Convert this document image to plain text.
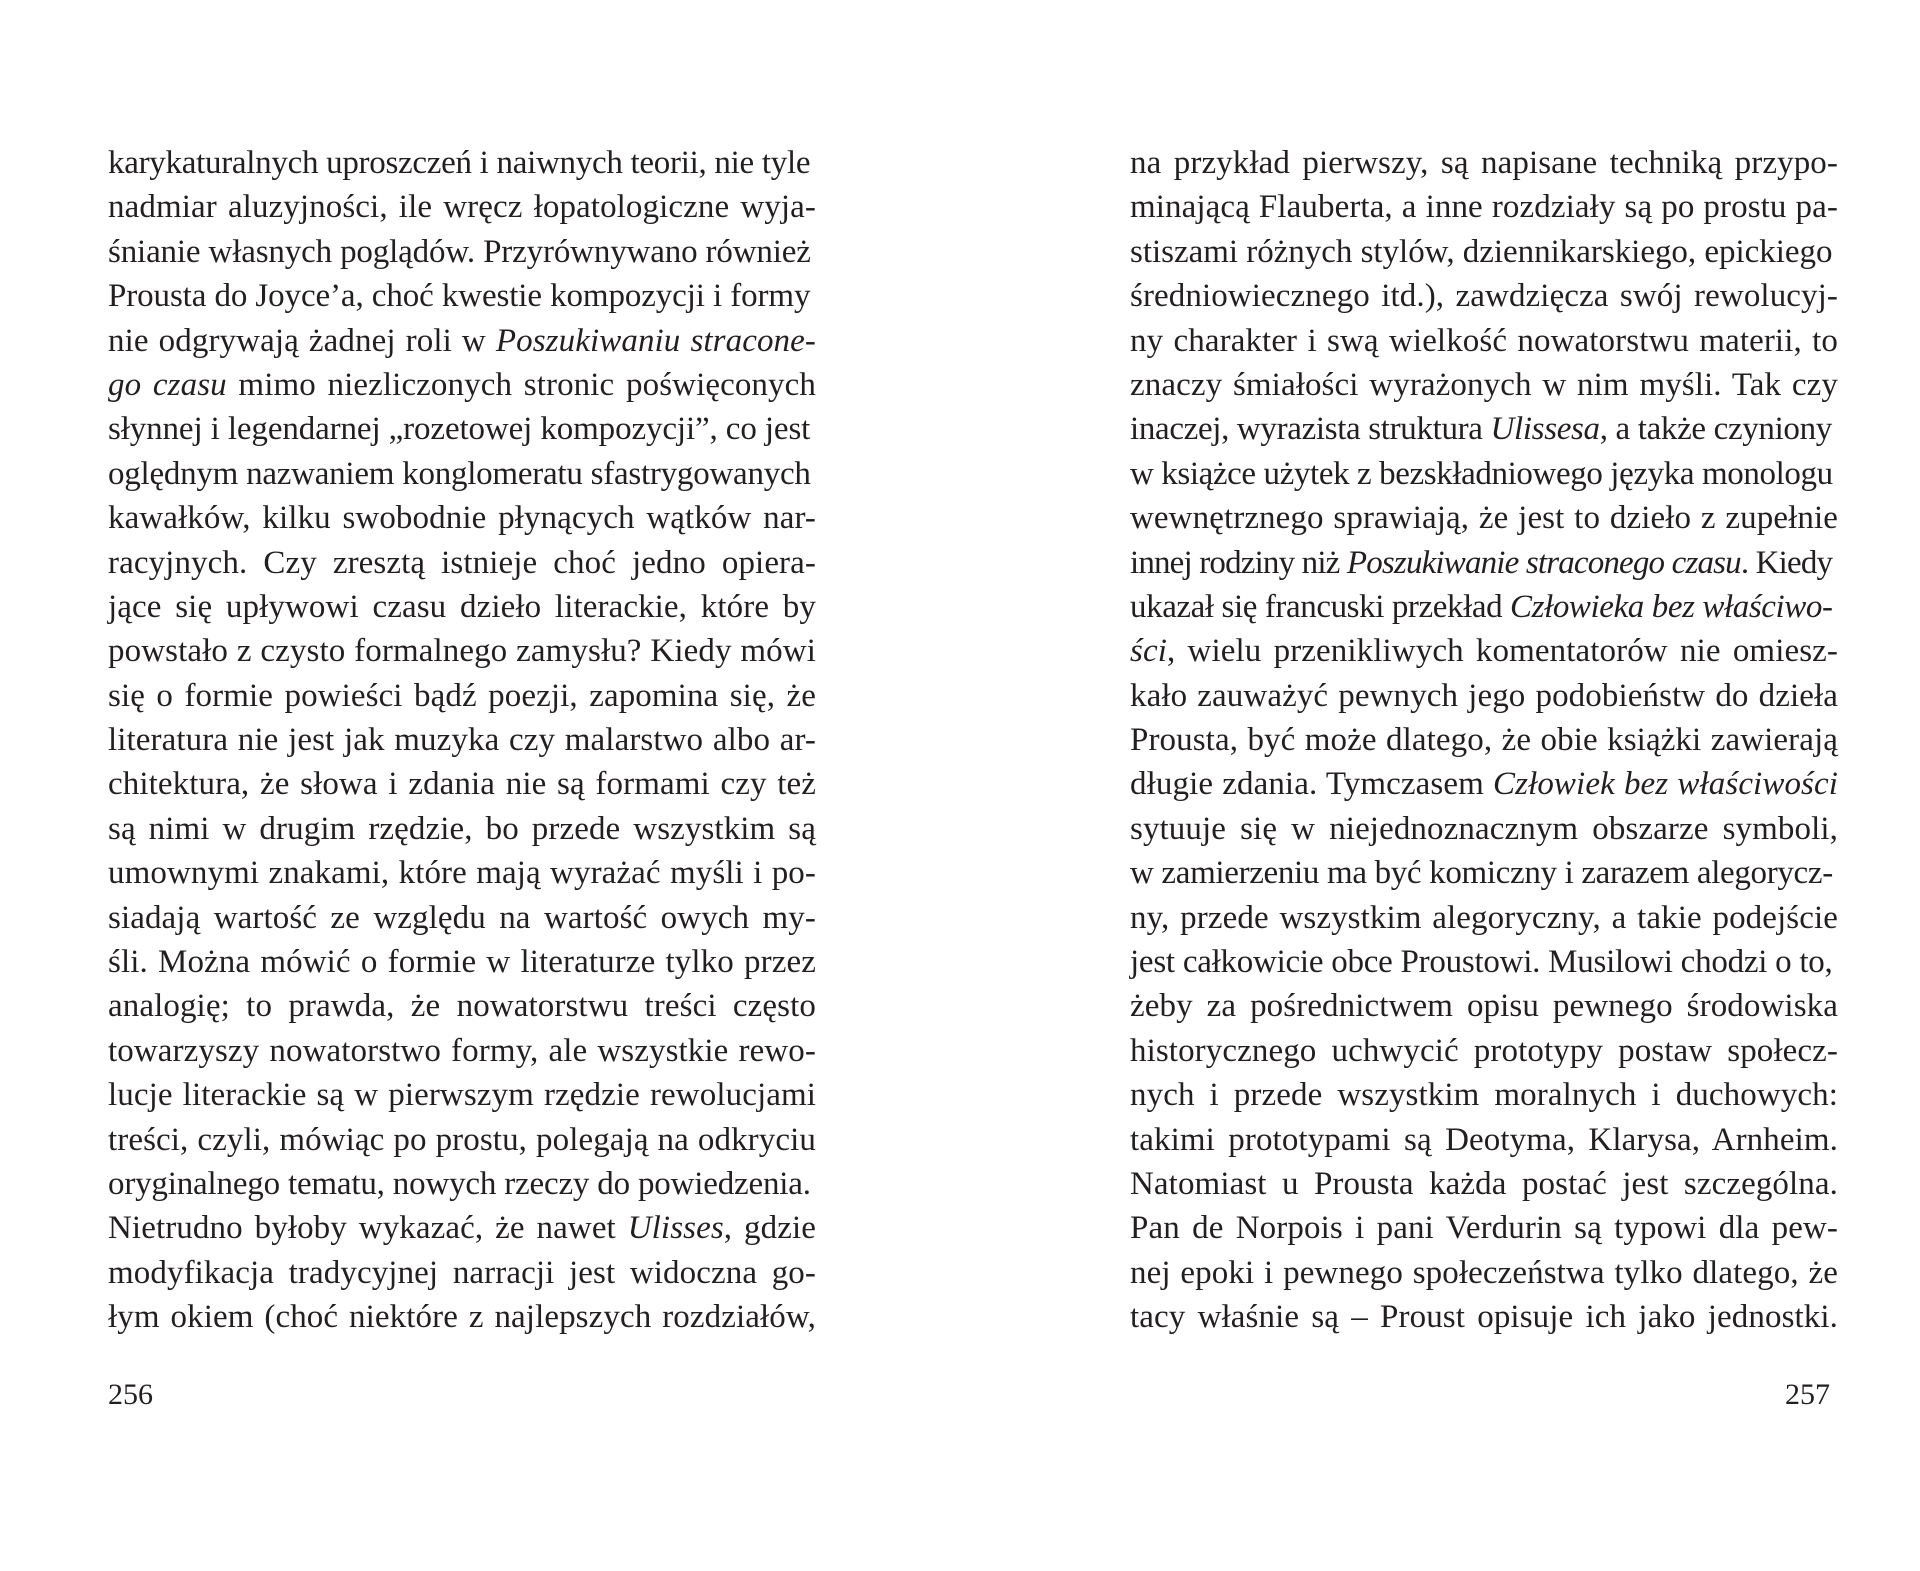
karykaturalnych uproszczeń i naiwnych teorii, nie tyle
nadmiar aluzyjności, ile wręcz łopatologiczne wyja-
śnianie własnych poglądów. Przyrównywano również
Prousta do Joyce’a, choć kwestie kompozycji i formy
nie odgrywają żadnej roli w Poszukiwaniu stracone-
go czasu mimo niezliczonych stronic poświęconych
słynnej i legendarnej „rozetowej kompozycji”, co jest
oględnym nazwaniem konglomeratu sfastrygowanych
kawałków, kilku swobodnie płynących wątków nar-
racyjnych. Czy zresztą istnieje choć jedno opiera-
jące się upływowi czasu dzieło literackie, które by
powstało z czysto formalnego zamysłu? Kiedy mówi
się o formie powieści bądź poezji, zapomina się, że
literatura nie jest jak muzyka czy malarstwo albo ar-
chitektura, że słowa i zdania nie są formami czy też
są nimi w drugim rzędzie, bo przede wszystkim są
umownymi znakami, które mają wyrażać myśli i po-
siadają wartość ze względu na wartość owych my-
śli. Można mówić o formie w literaturze tylko przez
analogię; to prawda, że nowatorstwu treści często
towarzyszy nowatorstwo formy, ale wszystkie rewo-
lucje literackie są w pierwszym rzędzie rewolucjami
treści, czyli, mówiąc po prostu, polegają na odkryciu
oryginalnego tematu, nowych rzeczy do powiedzenia.
Nietrudno byłoby wykazać, że nawet Ulisses, gdzie
modyfikacja tradycyjnej narracji jest widoczna go-
łym okiem (choć niektóre z najlepszych rozdziałów,
256
na przykład pierwszy, są napisane techniką przypo-
minającą Flauberta, a inne rozdziały są po prostu pa-
stiszami różnych stylów, dziennikarskiego, epickiego
średniowiecznego itd.), zawdzięcza swój rewolucyj-
ny charakter i swą wielkość nowatorstwu materii, to
znaczy śmiałości wyrażonych w nim myśli. Tak czy
inaczej, wyrazista struktura Ulissesa, a także czyniony
w książce użytek z bezskładniowego języka monologu
wewnętrznego sprawiają, że jest to dzieło z zupełnie
innej rodziny niż Poszukiwanie straconego czasu. Kiedy
ukazał się francuski przekład Człowieka bez właściwo-
ści, wielu przenikliwych komentatorów nie omiesz-
kało zauważyć pewnych jego podobieństw do dzieła
Prousta, być może dlatego, że obie książki zawierają
długie zdania. Tymczasem Człowiek bez właściwości
sytuuje się w niejednoznacznym obszarze symboli,
w zamierzeniu ma być komiczny i zarazem alegorycz-
ny, przede wszystkim alegoryczny, a takie podejście
jest całkowicie obce Proustowi. Musilowi chodzi o to,
żeby za pośrednictwem opisu pewnego środowiska
historycznego uchwycić prototypy postaw społecz-
nych i przede wszystkim moralnych i duchowych:
takimi prototypami są Deotyma, Klarysa, Arnheim.
Natomiast u Prousta każda postać jest szczególna.
Pan de Norpois i pani Verdurin są typowi dla pew-
nej epoki i pewnego społeczeństwa tylko dlatego, że
tacy właśnie są – Proust opisuje ich jako jednostki.
257
